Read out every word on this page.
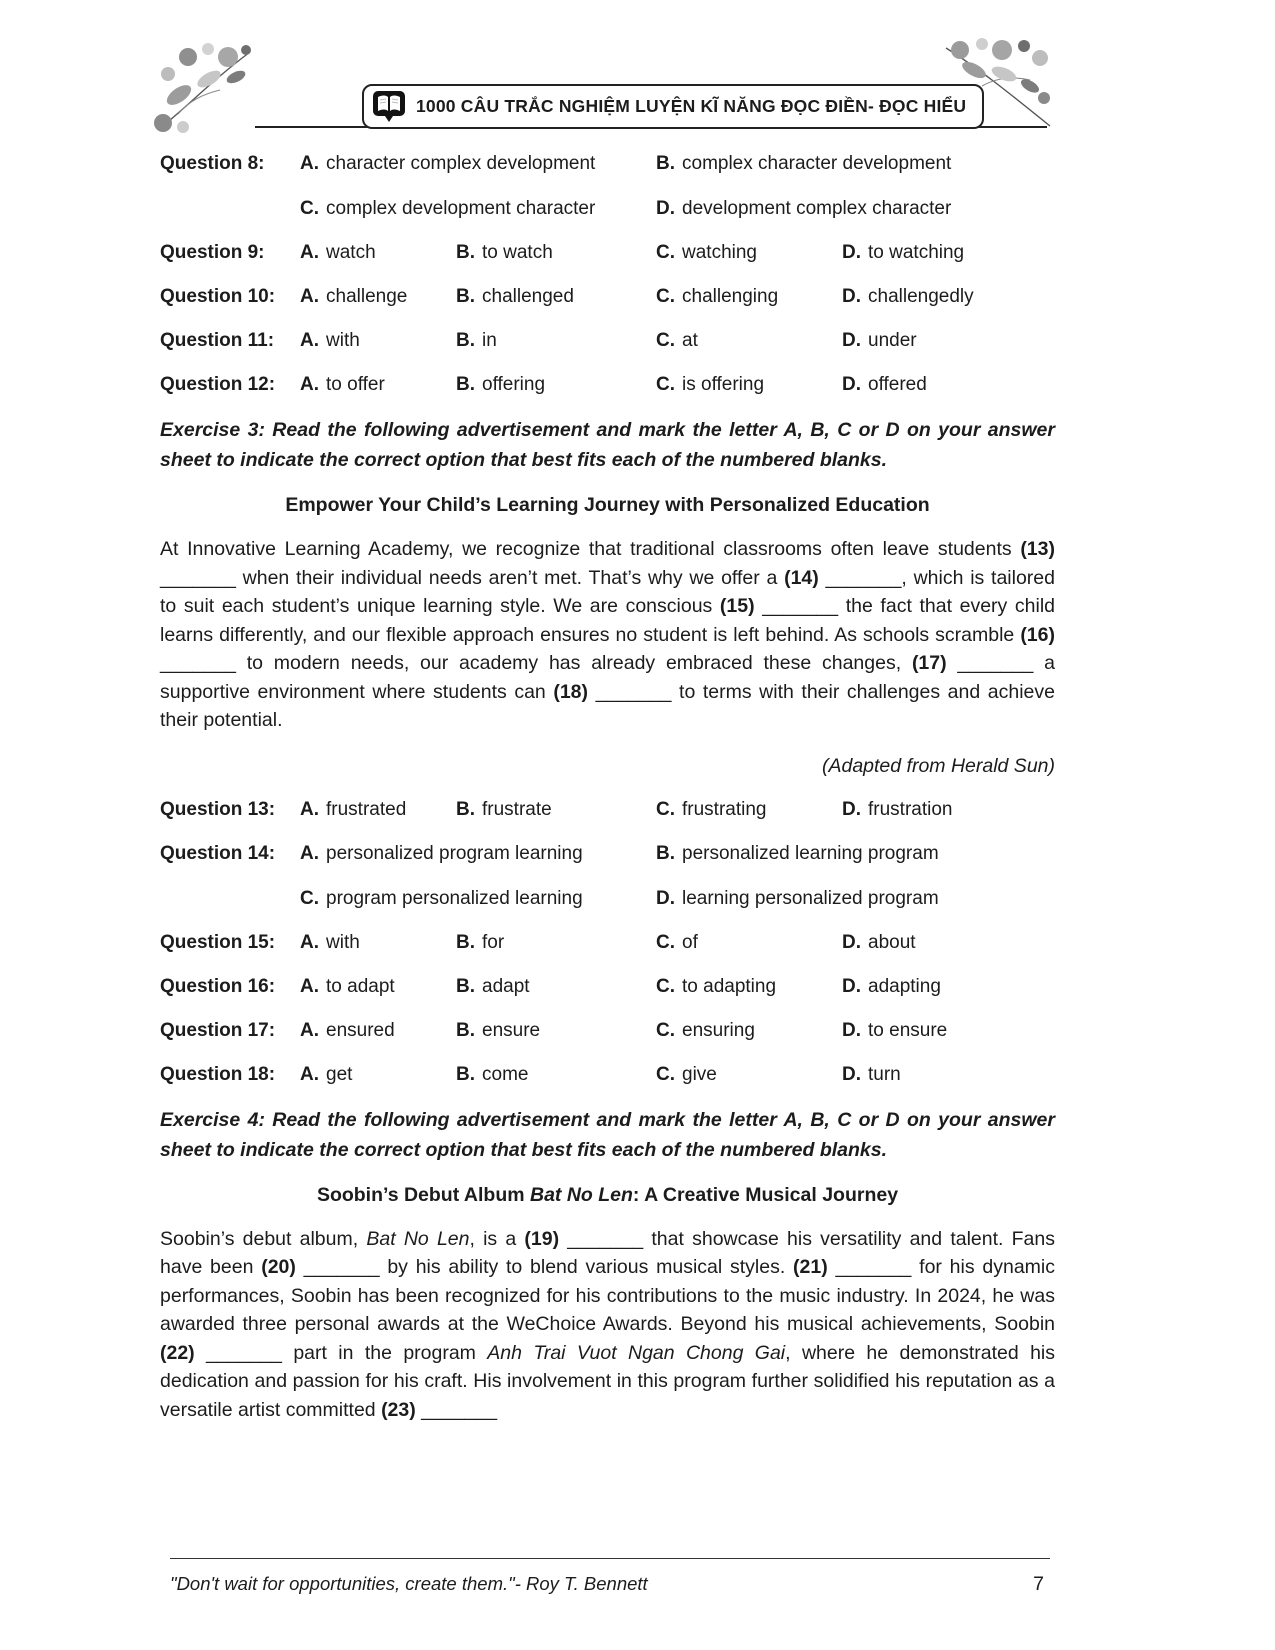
1000 CÂU TRẮC NGHIỆM LUYỆN KĨ NĂNG ĐỌC ĐIỀN- ĐỌC HIỂU
Question 8:	A. character complex development	B. complex character development
C. complex development character	D. development complex character
Question 9:	A. watch	B. to watch	C. watching	D. to watching
Question 10:	A. challenge	B. challenged	C. challenging	D. challengedly
Question 11:	A. with	B. in	C. at	D. under
Question 12:	A. to offer	B. offering	C. is offering	D. offered

Exercise 3: Read the following advertisement and mark the letter A, B, C or D on your answer sheet to indicate the correct option that best fits each of the numbered blanks.

Empower Your Child’s Learning Journey with Personalized Education

At Innovative Learning Academy, we recognize that traditional classrooms often leave students (13) _______ when their individual needs aren’t met. That’s why we offer a (14) _______, which is tailored to suit each student’s unique learning style. We are conscious (15) _______ the fact that every child learns differently, and our flexible approach ensures no student is left behind. As schools scramble (16) _______ to modern needs, our academy has already embraced these changes, (17) _______ a supportive environment where students can (18) _______ to terms with their challenges and achieve their potential.

(Adapted from Herald Sun)

Question 13:	A. frustrated	B. frustrate	C. frustrating	D. frustration
Question 14:	A. personalized program learning	B. personalized learning program
C. program personalized learning	D. learning personalized program
Question 15:	A. with	B. for	C. of	D. about
Question 16:	A. to adapt	B. adapt	C. to adapting	D. adapting
Question 17:	A. ensured	B. ensure	C. ensuring	D. to ensure
Question 18:	A. get	B. come	C. give	D. turn

Exercise 4: Read the following advertisement and mark the letter A, B, C or D on your answer sheet to indicate the correct option that best fits each of the numbered blanks.

Soobin’s Debut Album Bat No Len: A Creative Musical Journey

Soobin’s debut album, Bat No Len, is a (19) _______ that showcase his versatility and talent. Fans have been (20) _______ by his ability to blend various musical styles. (21) _______ for his dynamic performances, Soobin has been recognized for his contributions to the music industry. In 2024, he was awarded three personal awards at the WeChoice Awards. Beyond his musical achievements, Soobin (22) _______ part in the program Anh Trai Vuot Ngan Chong Gai, where he demonstrated his dedication and passion for his craft. His involvement in this program further solidified his reputation as a versatile artist committed (23) _______

"Don't wait for opportunities, create them."- Roy T. Bennett	7
